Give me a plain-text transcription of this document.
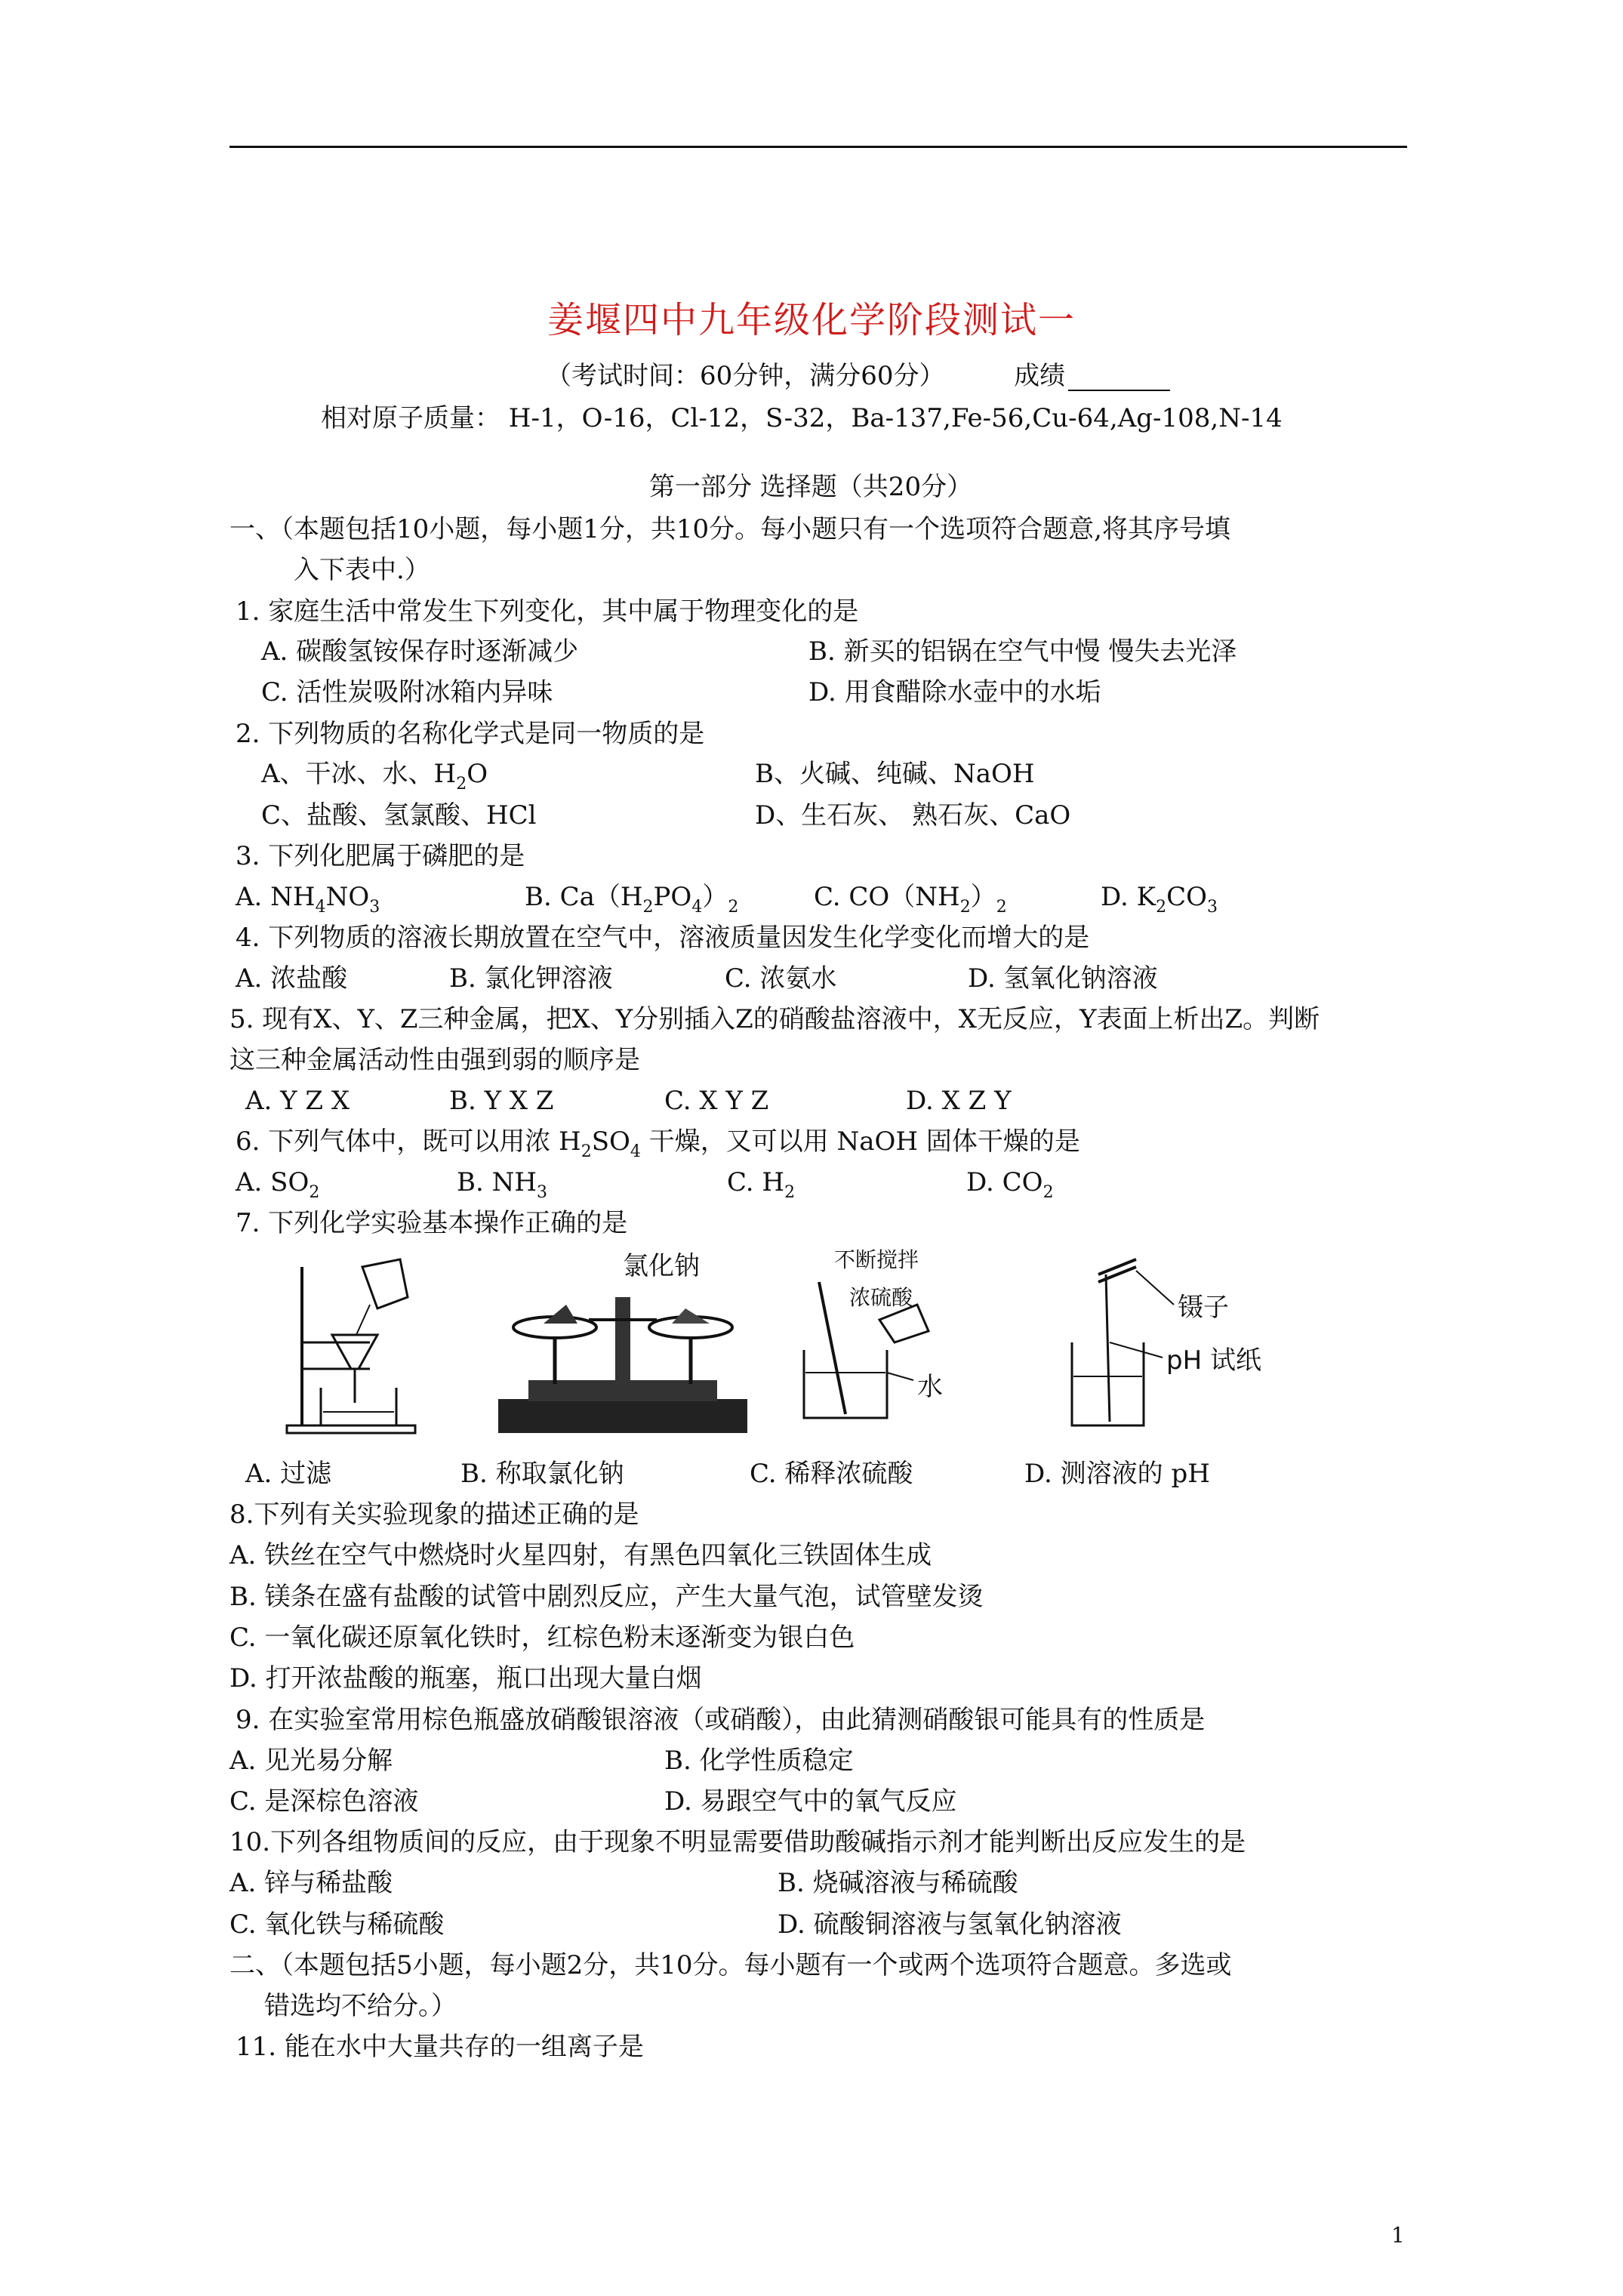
姜堰四中九年级化学阶段测试一
（考试时间：60分钟，满分60分）	成绩
相对原子质量： H-1，O-16，Cl-12，S-32，Ba-137,Fe-56,Cu-64,Ag-108,N-14
第一部分 选择题（共20分）
一、（本题包括10小题，每小题1分，共10分。每小题只有一个选项符合题意,将其序号填
入下表中.）
1. 家庭生活中常发生下列变化，其中属于物理变化的是
A. 碳酸氢铵保存时逐渐减少	B. 新买的铝锅在空气中慢 慢失去光泽
C. 活性炭吸附冰箱内异味	D. 用食醋除水壶中的水垢
2. 下列物质的名称化学式是同一物质的是
A、干冰、水、$H_2O$	B、火碱、纯碱、NaOH
C、盐酸、氢氯酸、HCl	D、生石灰、 熟石灰、CaO
3. 下列化肥属于磷肥的是
A. $NH_4NO_3$	B. $Ca(H_2PO_4)_2$	C. $CO(NH_2)_2$	D. $K_2CO_3$
4. 下列物质的溶液长期放置在空气中，溶液质量因发生化学变化而增大的是
A. 浓盐酸	B. 氯化钾溶液	C. 浓氨水	D. 氢氧化钠溶液
5. 现有X、Y、Z三种金属，把X、Y分别插入Z的硝酸盐溶液中，X无反应，Y表面上析出Z。判断
这三种金属活动性由强到弱的顺序是
A. Y Z X	B. Y X Z	C. X Y Z	D. X Z Y
6. 下列气体中，既可以用浓 $H_2SO_4$ 干燥，又可以用 NaOH 固体干燥的是
A. $SO_2$	B. $NH_3$	C. $H_2$	D. $CO_2$
7. 下列化学实验基本操作正确的是
氯化钠	不断搅拌
浓硫酸
水
镊子
pH 试纸
A. 过滤	B. 称取氯化钠	C. 稀释浓硫酸	D. 测溶液的 pH
8.下列有关实验现象的描述正确的是
A. 铁丝在空气中燃烧时火星四射，有黑色四氧化三铁固体生成
B. 镁条在盛有盐酸的试管中剧烈反应，产生大量气泡，试管壁发烫
C. 一氧化碳还原氧化铁时，红棕色粉末逐渐变为银白色
D. 打开浓盐酸的瓶塞，瓶口出现大量白烟
9. 在实验室常用棕色瓶盛放硝酸银溶液（或硝酸），由此猜测硝酸银可能具有的性质是
A. 见光易分解	B. 化学性质稳定
C. 是深棕色溶液	D. 易跟空气中的氧气反应
10.下列各组物质间的反应，由于现象不明显需要借助酸碱指示剂才能判断出反应发生的是
A. 锌与稀盐酸	B. 烧碱溶液与稀硫酸
C. 氧化铁与稀硫酸	D. 硫酸铜溶液与氢氧化钠溶液
二、（本题包括5小题，每小题2分，共10分。每小题有一个或两个选项符合题意。多选或
错选均不给分。）
11. 能在水中大量共存的一组离子是
1
